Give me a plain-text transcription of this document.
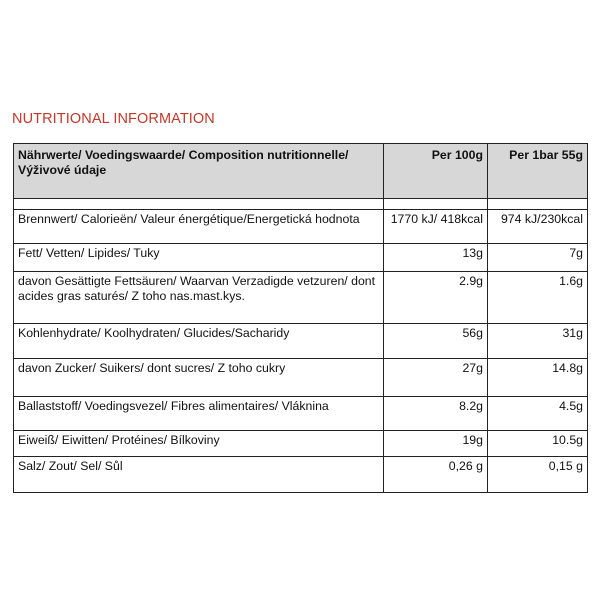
NUTRITIONAL INFORMATION
Nährwerte/ Voedingswaarde/ Composition nutritionnelle/ Výživové údaje	Per 100g	Per 1bar 55g

Brennwert/ Calorieën/ Valeur énergétique/Energetická hodnota	1770 kJ/ 418kcal	974 kJ/230kcal
Fett/ Vetten/ Lipides/ Tuky	13g	7g
davon Gesättigte Fettsäuren/ Waarvan Verzadigde vetzuren/ dont acides gras saturés/ Z toho nas.mast.kys.	2.9g	1.6g
Kohlenhydrate/ Koolhydraten/ Glucides/Sacharidy	56g	31g
davon Zucker/ Suikers/ dont sucres/ Z toho cukry	27g	14.8g
Ballaststoff/ Voedingsvezel/ Fibres alimentaires/ Vláknina	8.2g	4.5g
Eiweiß/ Eiwitten/ Protéines/ Bílkoviny	19g	10.5g
Salz/ Zout/ Sel/ Sůl	0,26 g	0,15 g
